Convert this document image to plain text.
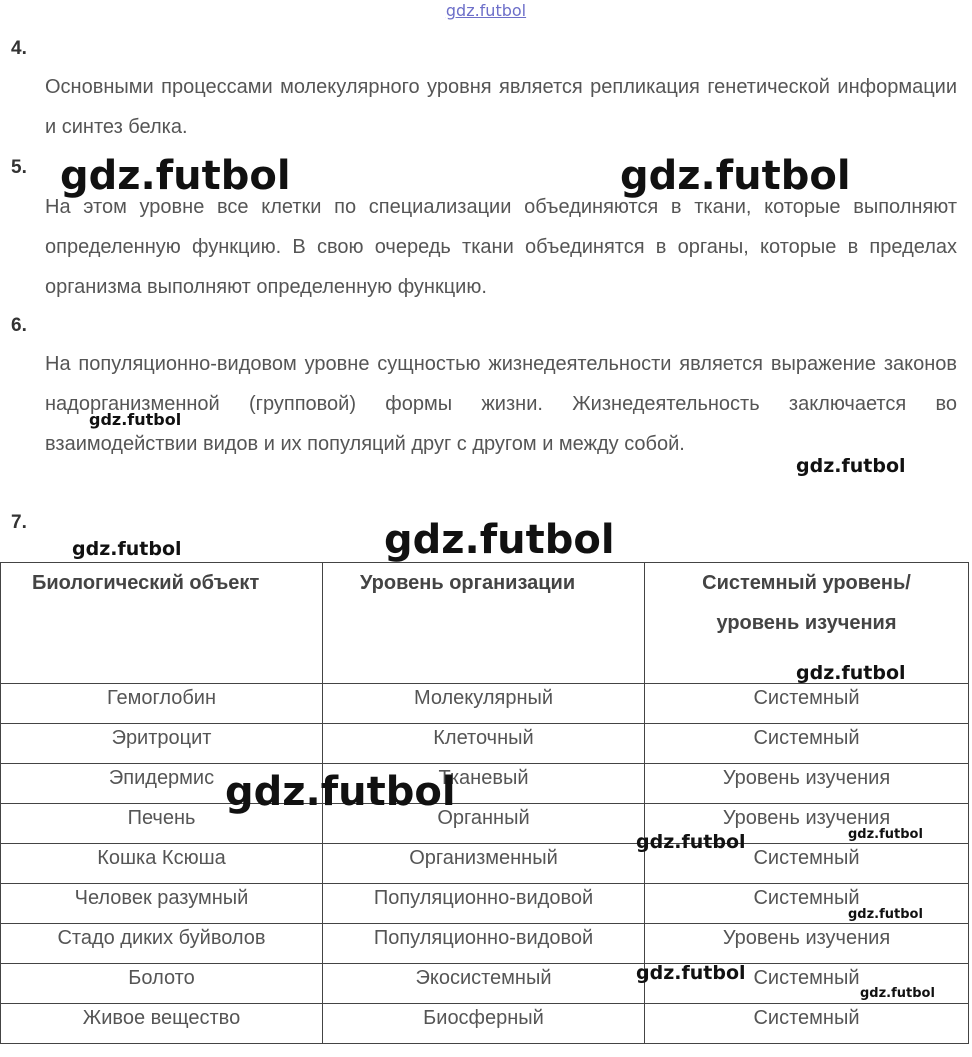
gdz.futbol
4.
Основными процессами молекулярного уровня является репликация генетической информации и синтез белка.
5.
На этом уровне все клетки по специализации объединяются в ткани, которые выполняют определенную функцию. В свою очередь ткани объединятся в органы, которые в пределах организма выполняют определенную функцию.
6.
На популяционно-видовом уровне сущностью жизнедеятельности является выражение законов надорганизменной (групповой) формы жизни. Жизнедеятельность заключается во взаимодействии видов и их популяций друг с другом и между собой.
7.
Биологический объект	Уровень организации	Системный уровень/уровень изучения

Гемоглобин	Молекулярный	Системный
Эритроцит	Клеточный	Системный
Эпидермис	Тканевый	Уровень изучения
Печень	Органный	Уровень изучения
Кошка Ксюша	Организменный	Системный
Человек разумный	Популяционно-видовой	Системный
Стадо диких буйволов	Популяционно-видовой	Уровень изучения
Болото	Экосистемный	Системный
Живое вещество	Биосферный	Системный
gdz.futbol	gdz.futbol
gdz.futbol
gdz.futbol
gdz.futbol	gdz.futbol
gdz.futbol
gdz.futbol
gdz.futbol	gdz.futbol
gdz.futbol
gdz.futbol
gdz.futbol
